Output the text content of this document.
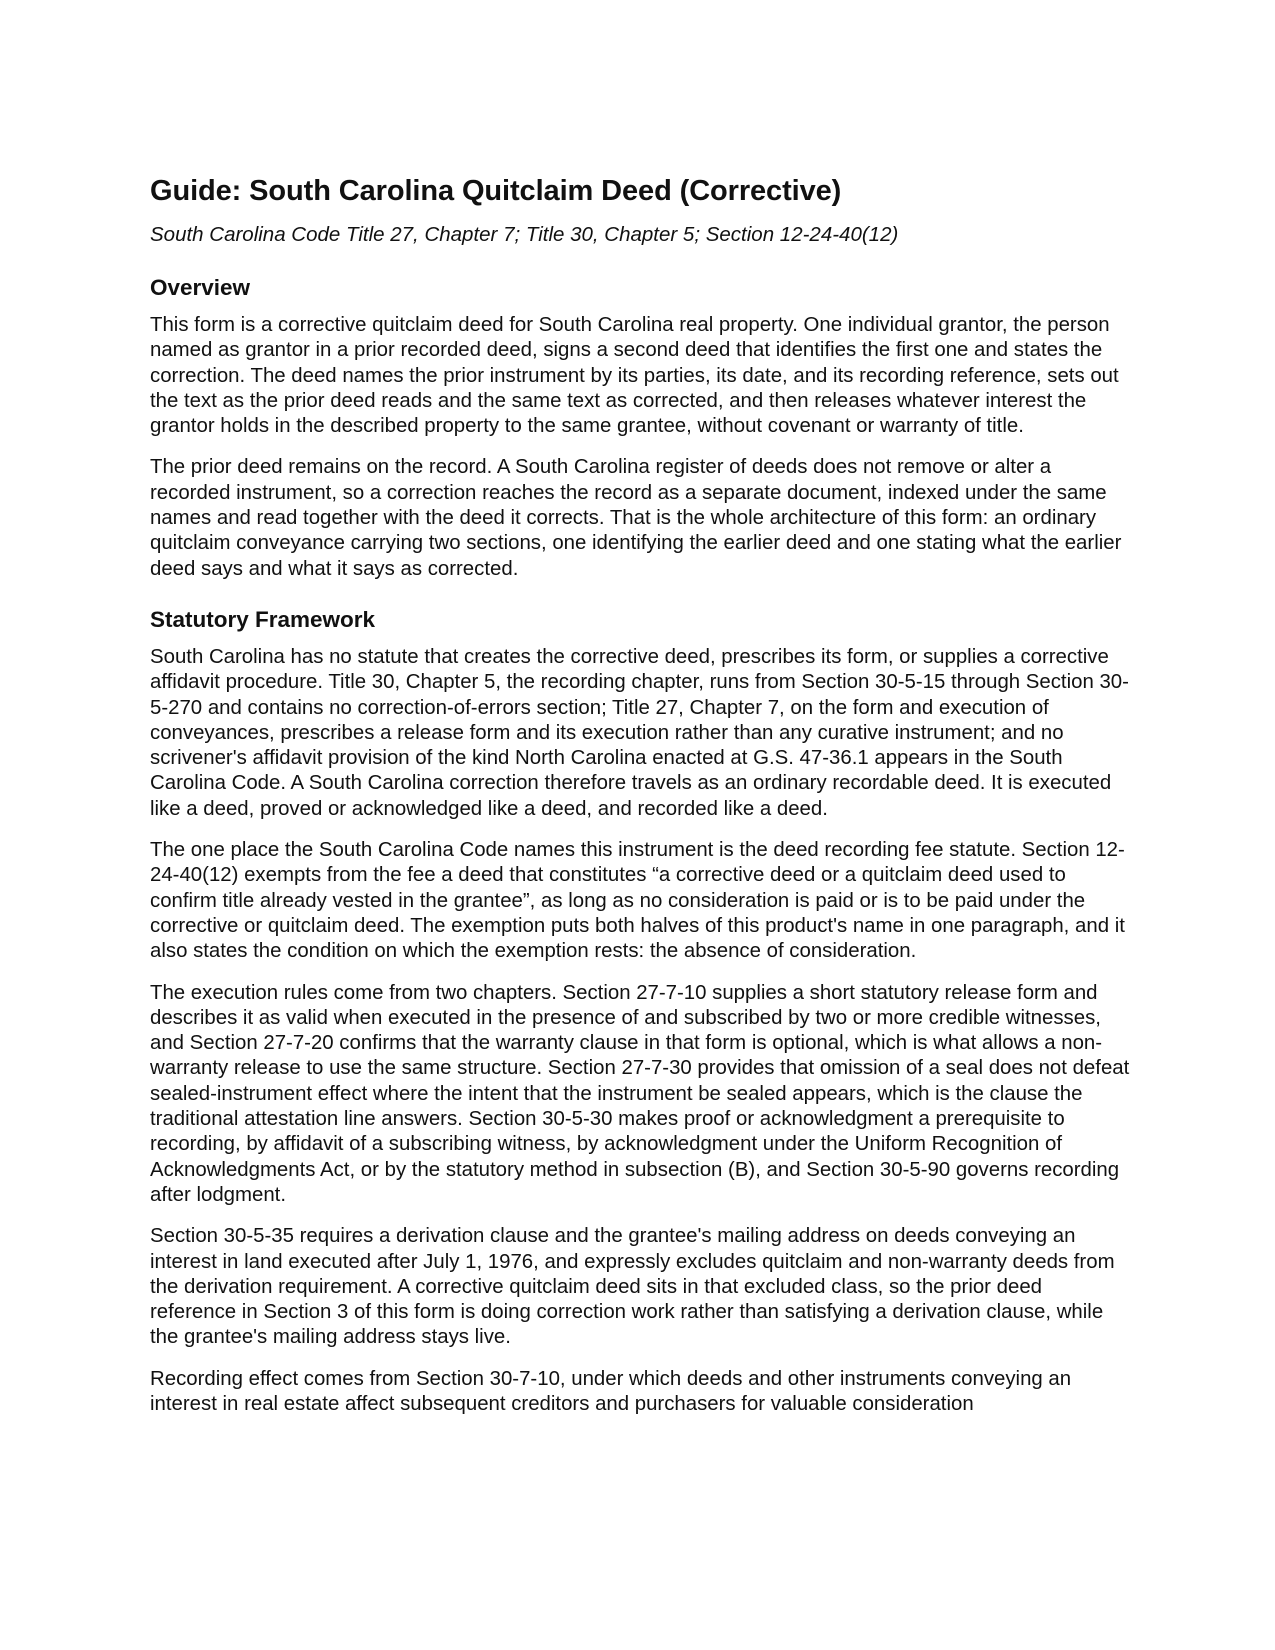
Guide: South Carolina Quitclaim Deed (Corrective)
South Carolina Code Title 27, Chapter 7; Title 30, Chapter 5; Section 12-24-40(12)
Overview

This form is a corrective quitclaim deed for South Carolina real property. One individual grantor, the person named as grantor in a prior recorded deed, signs a second deed that identifies the first one and states the correction. The deed names the prior instrument by its parties, its date, and its recording reference, sets out the text as the prior deed reads and the same text as corrected, and then releases whatever interest the grantor holds in the described property to the same grantee, without covenant or warranty of title.

The prior deed remains on the record. A South Carolina register of deeds does not remove or alter a recorded instrument, so a correction reaches the record as a separate document, indexed under the same names and read together with the deed it corrects. That is the whole architecture of this form: an ordinary quitclaim conveyance carrying two sections, one identifying the earlier deed and one stating what the earlier deed says and what it says as corrected.

Statutory Framework

South Carolina has no statute that creates the corrective deed, prescribes its form, or supplies a corrective affidavit procedure. Title 30, Chapter 5, the recording chapter, runs from Section 30-5-15 through Section 30-5-270 and contains no correction-of-errors section; Title 27, Chapter 7, on the form and execution of conveyances, prescribes a release form and its execution rather than any curative instrument; and no scrivener's affidavit provision of the kind North Carolina enacted at G.S. 47-36.1 appears in the South Carolina Code. A South Carolina correction therefore travels as an ordinary recordable deed. It is executed like a deed, proved or acknowledged like a deed, and recorded like a deed.

The one place the South Carolina Code names this instrument is the deed recording fee statute. Section 12-24-40(12) exempts from the fee a deed that constitutes “a corrective deed or a quitclaim deed used to confirm title already vested in the grantee”, as long as no consideration is paid or is to be paid under the corrective or quitclaim deed. The exemption puts both halves of this product's name in one paragraph, and it also states the condition on which the exemption rests: the absence of consideration.

The execution rules come from two chapters. Section 27-7-10 supplies a short statutory release form and describes it as valid when executed in the presence of and subscribed by two or more credible witnesses, and Section 27-7-20 confirms that the warranty clause in that form is optional, which is what allows a non-warranty release to use the same structure. Section 27-7-30 provides that omission of a seal does not defeat sealed-instrument effect where the intent that the instrument be sealed appears, which is the clause the traditional attestation line answers. Section 30-5-30 makes proof or acknowledgment a prerequisite to recording, by affidavit of a subscribing witness, by acknowledgment under the Uniform Recognition of Acknowledgments Act, or by the statutory method in subsection (B), and Section 30-5-90 governs recording after lodgment.

Section 30-5-35 requires a derivation clause and the grantee's mailing address on deeds conveying an interest in land executed after July 1, 1976, and expressly excludes quitclaim and non-warranty deeds from the derivation requirement. A corrective quitclaim deed sits in that excluded class, so the prior deed reference in Section 3 of this form is doing correction work rather than satisfying a derivation clause, while the grantee's mailing address stays live.

Recording effect comes from Section 30-7-10, under which deeds and other instruments conveying an interest in real estate affect subsequent creditors and purchasers for valuable consideration
